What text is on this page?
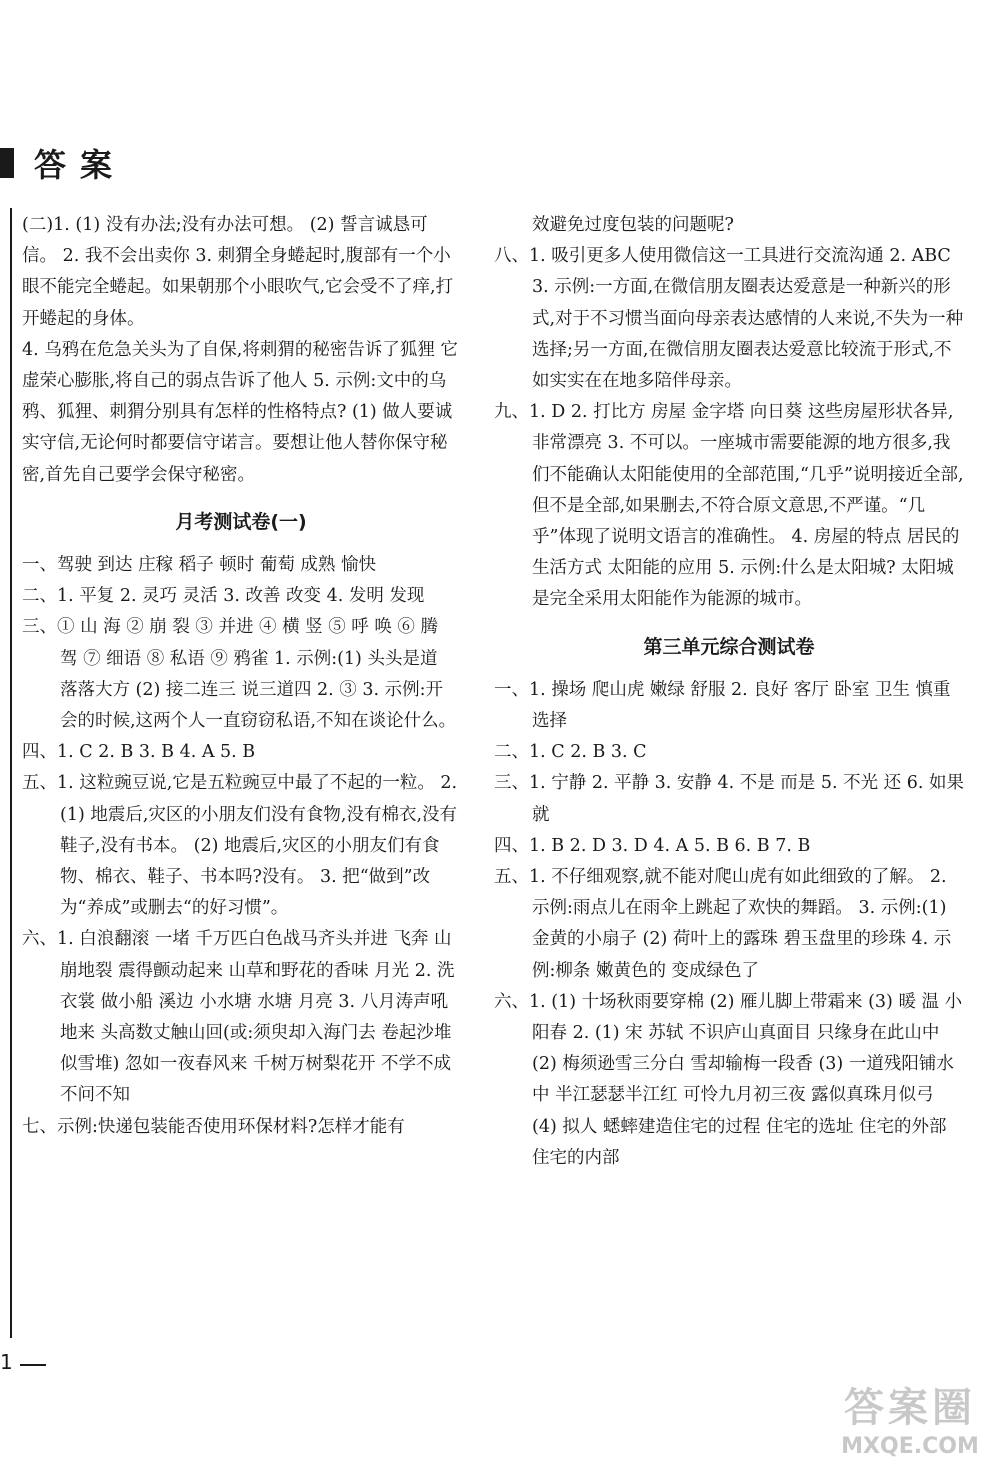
答案

(二)1. (1) 没有办法;没有办法可想。 (2) 誓言诚恳可信。 2. 我不会出卖你 3. 刺猬全身蜷起时,腹部有一个小眼不能完全蜷起。如果朝那个小眼吹气,它会受不了痒,打开蜷起的身体。

4. 乌鸦在危急关头为了自保,将刺猬的秘密告诉了狐狸 它虚荣心膨胀,将自己的弱点告诉了他人 5. 示例:文中的乌鸦、狐狸、刺猬分别具有怎样的性格特点? (1) 做人要诚实守信,无论何时都要信守诺言。要想让他人替你保守秘密,首先自己要学会保守秘密。

月考测试卷(一)

一、驾驶 到达 庄稼 稻子 顿时 葡萄 成熟 愉快

二、1. 平复 2. 灵巧 灵活 3. 改善 改变 4. 发明 发现

三、① 山 海 ② 崩 裂 ③ 并进 ④ 横 竖 ⑤ 呼 唤 ⑥ 腾 驾 ⑦ 细语 ⑧ 私语 ⑨ 鸦雀 1. 示例:(1) 头头是道 落落大方 (2) 接二连三 说三道四 2. ③ 3. 示例:开会的时候,这两个人一直窃窃私语,不知在谈论什么。

四、1. C 2. B 3. B 4. A 5. B

五、1. 这粒豌豆说,它是五粒豌豆中最了不起的一粒。 2. (1) 地震后,灾区的小朋友们没有食物,没有棉衣,没有鞋子,没有书本。 (2) 地震后,灾区的小朋友们有食物、棉衣、鞋子、书本吗?没有。 3. 把“做到”改为“养成”或删去“的好习惯”。

六、1. 白浪翻滚 一堵 千万匹白色战马齐头并进 飞奔 山崩地裂 震得颤动起来 山草和野花的香味 月光 2. 洗衣裳 做小船 溪边 小水塘 水塘 月亮 3. 八月涛声吼地来 头高数丈触山回(或:须臾却入海门去 卷起沙堆似雪堆) 忽如一夜春风来 千树万树梨花开 不学不成 不问不知

七、示例:快递包装能否使用环保材料?怎样才能有

效避免过度包装的问题呢?

八、1. 吸引更多人使用微信这一工具进行交流沟通 2. ABC 3. 示例:一方面,在微信朋友圈表达爱意是一种新兴的形式,对于不习惯当面向母亲表达感情的人来说,不失为一种选择;另一方面,在微信朋友圈表达爱意比较流于形式,不如实实在在地多陪伴母亲。

九、1. D 2. 打比方 房屋 金字塔 向日葵 这些房屋形状各异,非常漂亮 3. 不可以。一座城市需要能源的地方很多,我们不能确认太阳能使用的全部范围,“几乎”说明接近全部,但不是全部,如果删去,不符合原文意思,不严谨。“几乎”体现了说明文语言的准确性。 4. 房屋的特点 居民的生活方式 太阳能的应用 5. 示例:什么是太阳城? 太阳城是完全采用太阳能作为能源的城市。

第三单元综合测试卷

一、1. 操场 爬山虎 嫩绿 舒服 2. 良好 客厅 卧室 卫生 慎重 选择

二、1. C 2. B 3. C

三、1. 宁静 2. 平静 3. 安静 4. 不是 而是 5. 不光 还 6. 如果 就

四、1. B 2. D 3. D 4. A 5. B 6. B 7. B

五、1. 不仔细观察,就不能对爬山虎有如此细致的了解。 2. 示例:雨点儿在雨伞上跳起了欢快的舞蹈。 3. 示例:(1) 金黄的小扇子 (2) 荷叶上的露珠 碧玉盘里的珍珠 4. 示例:柳条 嫩黄色的 变成绿色了

六、1. (1) 十场秋雨要穿棉 (2) 雁儿脚上带霜来 (3) 暖 温 小阳春 2. (1) 宋 苏轼 不识庐山真面目 只缘身在此山中 (2) 梅须逊雪三分白 雪却输梅一段香 (3) 一道残阳铺水中 半江瑟瑟半江红 可怜九月初三夜 露似真珠月似弓 (4) 拟人 蟋蟀建造住宅的过程 住宅的选址 住宅的外部 住宅的内部

1
答案圈
MXQE.COM
